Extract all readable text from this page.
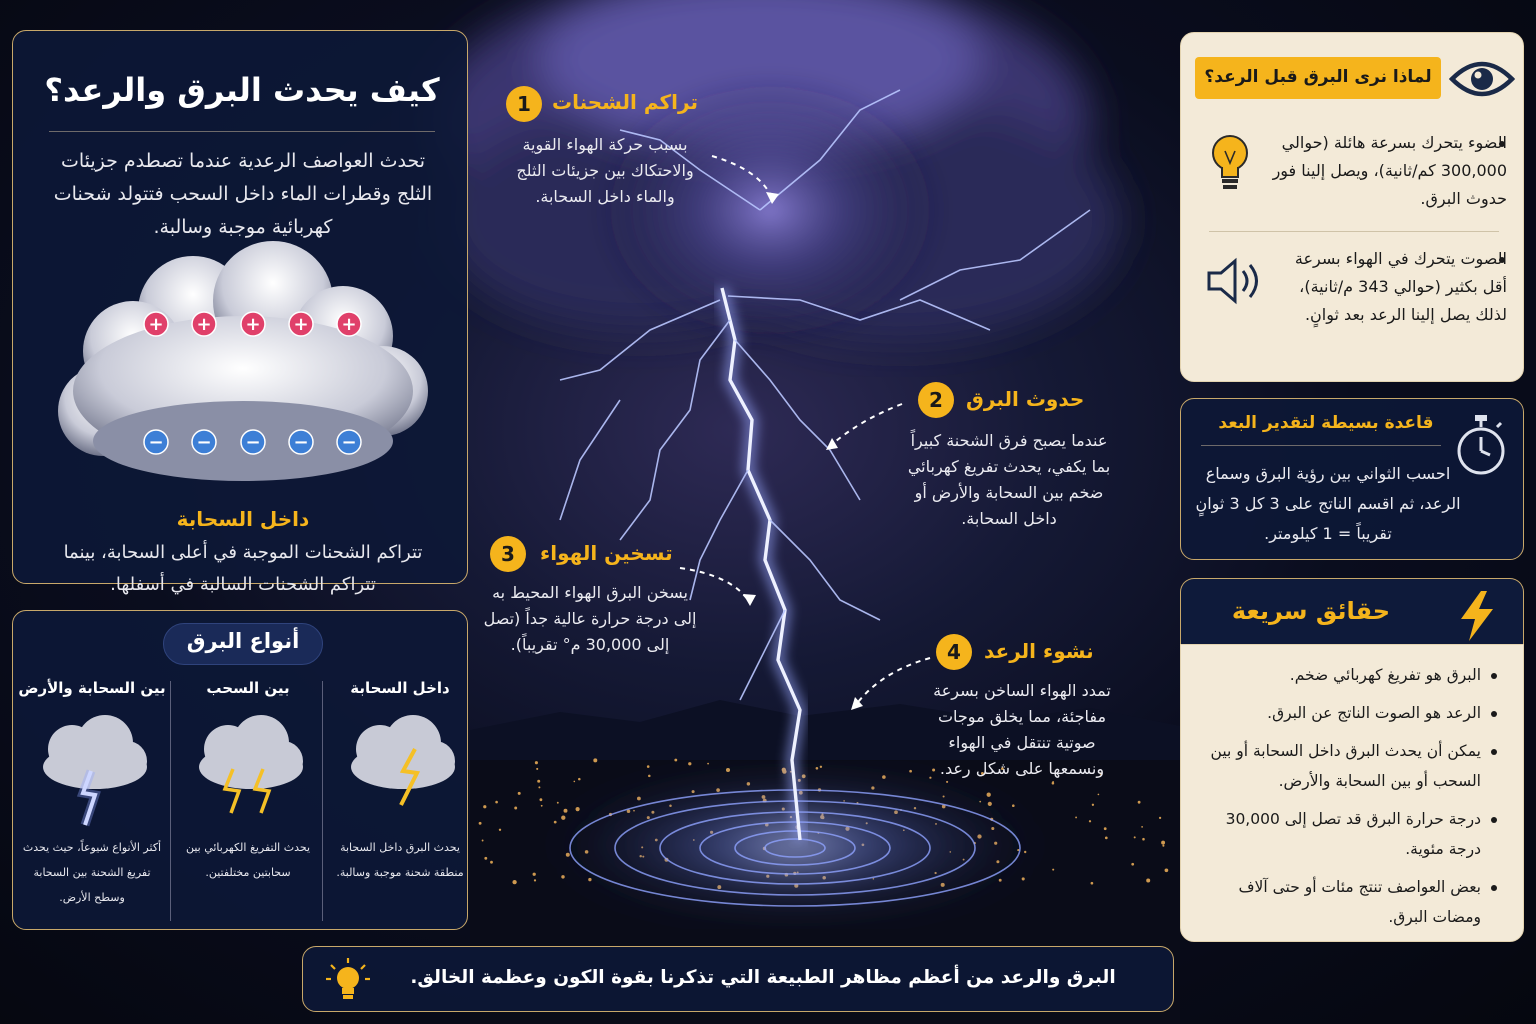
كيف يحدث البرق والرعد؟
تحدث العواصف الرعدية عندما تصطدم جزيئات الثلج وقطرات الماء داخل السحب فتتولد شحنات كهربائية موجبة وسالبة.
+ + + + +
− − − − −
داخل السحابة
تتراكم الشحنات الموجبة في أعلى السحابة، بينما تتراكم الشحنات السالبة في أسفلها.
أنواع البرق
بين السحابة والأرض
أكثر الأنواع شيوعاً، حيث يحدث تفريغ الشحنة بين السحابة وسطح الأرض.
بين السحب
يحدث التفريغ الكهربائي بين سحابتين مختلفتين.
داخل السحابة
يحدث البرق داخل السحابة منطقة شحنة موجبة وسالبة.
1	تراكم الشحنات
بسبب حركة الهواء القوية والاحتكاك بين جزيئات الثلج والماء داخل السحابة.
2	حدوث البرق
عندما يصبح فرق الشحنة كبيراً بما يكفي، يحدث تفريغ كهربائي ضخم بين السحابة والأرض أو داخل السحابة.
3	تسخين الهواء
يسخن البرق الهواء المحيط به إلى درجة حرارة عالية جداً (تصل إلى 30,000 م° تقريباً).	4	نشوء الرعد
تمدد الهواء الساخن بسرعة مفاجئة، مما يخلق موجات صوتية تنتقل في الهواء ونسمعها على شكل رعد.
لماذا نرى البرق قبل الرعد؟
الضوء يتحرك بسرعة هائلة (حوالي 300,000 كم/ثانية)، ويصل إلينا فور حدوث البرق.
الصوت يتحرك في الهواء بسرعة أقل بكثير (حوالي 343 م/ثانية)، لذلك يصل إلينا الرعد بعد ثوانٍ.
قاعدة بسيطة لتقدير البعد
احسب الثواني بين رؤية البرق وسماع الرعد، ثم اقسم الناتج على 3 كل 3 ثوانٍ تقريباً = 1 كيلومتر.
حقائق سريعة
البرق هو تفريغ كهربائي ضخم.
الرعد هو الصوت الناتج عن البرق.
يمكن أن يحدث البرق داخل السحابة أو بين السحب أو بين السحابة والأرض.
درجة حرارة البرق قد تصل إلى 30,000 درجة مئوية.
بعض العواصف تنتج مئات أو حتى آلاف ومضات البرق.
البرق والرعد من أعظم مظاهر الطبيعة التي تذكرنا بقوة الكون وعظمة الخالق.
